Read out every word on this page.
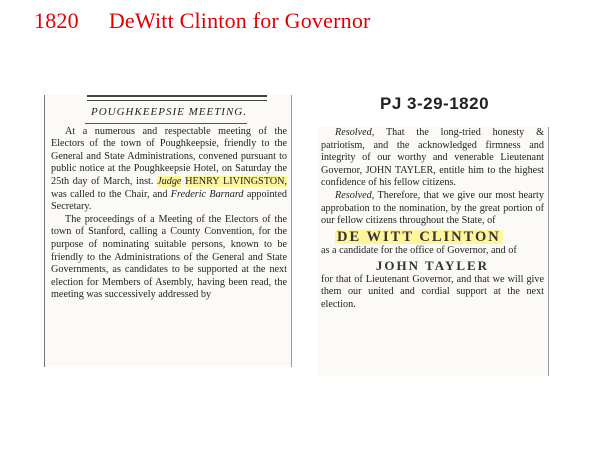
1820 DeWitt Clinton for Governor

POUGHKEEPSIE MEETING.

At a numerous and respectable meeting of the Electors of the town of Poughkeepsie, friendly to the General and State Administrations, convened pursuant to public notice at the Poughkeepsie Hotel, on Saturday the 25th day of March, inst. Judge HENRY LIVINGSTON, was called to the Chair, and Frederic Barnard appointed Secretary.

The proceedings of a Meeting of the Electors of the town of Stanford, calling a County Convention, for the purpose of nominating suitable persons, known to be friendly to the Administrations of the General and State Governments, as candidates to be supported at the next election for Members of Asembly, having been read, the meeting was successively addressed by

PJ 3-29-1820

Resolved, That the long-tried honesty & patriotism, and the acknowledged firmness and integrity of our worthy and venerable Lieutenant Governor, JOHN TAYLER, entitle him to the highest confidence of his fellow citizens.

Resolved, Therefore, that we give our most hearty approbation to the nomination, by the great portion of our fellow citizens throughout the State, of

DE WITT CLINTON

as a candidate for the office of Governor, and of

JOHN TAYLER

for that of Lieutenant Governor, and that we will give them our united and cordial support at the next election.
